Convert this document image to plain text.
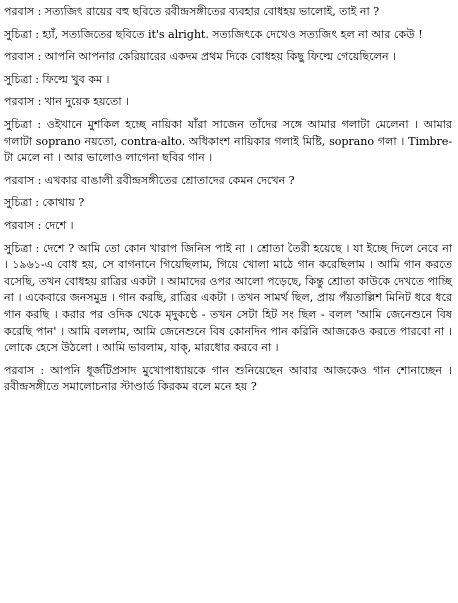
পরবাস : সত্যজিৎ রায়ের বহু ছবিতে রবীন্দ্রসঙ্গীতের ব্যবহার বোধহয় ভালোই, তাই না ?

সুচিত্রা : হ্যাঁ, সত্যজিতের ছবিতে it's alright. সত্যজিৎকে দেখেও সত্যজিৎ হল না আর কেউ !

পরবাস : আপনি আপনার কেরিয়ারের একদম প্রথম দিকে বোধহয় কিছু ফিল্মে গেয়েছিলেন ।

সুচিত্রা : ফিল্মে খুব কম ।

পরবাস : খান দুয়েক হয়তো ।

সুচিত্রা : ওইখানে মুশকিল হচ্ছে নায়িকা যাঁরা সাজেন তাঁদের সঙ্গে আমার গলাটা মেলেনা । আমার গলাটা soprano নয়তো, contra-alto. অধিকাংশ নায়িকার গলাই মিষ্টি, soprano গলা । Timbre-টা মেলে না । আর ভালোও লাগেনা ছবির গান ।

পরবাস : এখকার বাঙালী রবীন্দ্রসঙ্গীতের শ্রোতাদের কেমন দেখেন ?

সুচিত্রা : কোথায় ?

পরবাস : দেশে ।

সুচিত্রা : দেশে ? আমি তো কোন খারাপ জিনিস পাই না । শ্রোতা তৈরী হয়েছে । যা ইচ্ছে দিলে নেবে না । ১৯৬১-এ বোধ হয়, সে বাগনানে গিয়েছিলাম, গিয়ে খোলা মাঠে গান করেছিলাম । আমি গান করতে বসেছি, তখন বোধহয় রাত্রির একটা । আমাদের ওপর আলো পড়েছে, কিন্তু শ্রোতা কাউকে দেখতে পাচ্ছি না । একেবারে জনসমুদ্র । গান করছি, রাত্রির একটা । তখন সামর্থ ছিল, প্রায় পঁয়তাল্লিশ মিনিট ধরে ধরে গান করছি । করার পর ওদিক থেকে মৃদুকণ্ঠে - তখন সেটা হিট সং ছিল - বলল 'আমি জেনেশুনে বিষ করেছি পান' । আমি বললাম, আমি জেনেশুনে বিষ কোনদিন পান করিনি আজকেও করতে পারবো না । লোকে হেসে উঠলো । আমি ভাবলাম, যাক্‌, মারধোর করবে না ।

পরবাস : আপনি ধূর্জটিপ্রসাদ মুখোপাধ্যায়কে গান শুনিয়েছেন আবার আজকেও গান শোনাচ্ছেন । রবীন্দ্রসঙ্গীতে সমালোচনার স্টাণ্ডার্ড কিরকম বলে মনে হয় ?
